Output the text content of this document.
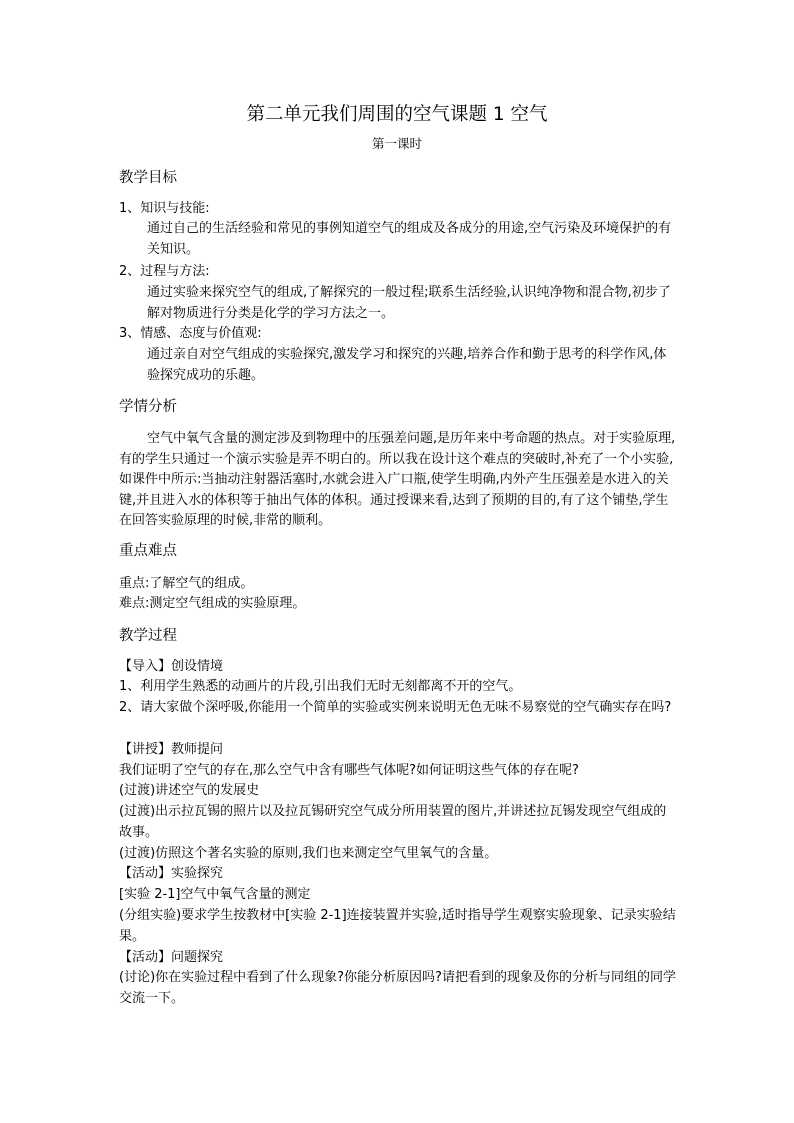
第二单元我们周围的空气课题 1 空气
第一课时
教学目标
1、知识与技能:
通过自己的生活经验和常见的事例知道空气的组成及各成分的用途,空气污染及环境保护的有关知识。
2、过程与方法:
通过实验来探究空气的组成,了解探究的一般过程;联系生活经验,认识纯净物和混合物,初步了解对物质进行分类是化学的学习方法之一。
3、情感、态度与价值观:
通过亲自对空气组成的实验探究,激发学习和探究的兴趣,培养合作和勤于思考的科学作风,体验探究成功的乐趣。
学情分析
空气中氧气含量的测定涉及到物理中的压强差问题,是历年来中考命题的热点。对于实验原理,有的学生只通过一个演示实验是弄不明白的。所以我在设计这个难点的突破时,补充了一个小实验,如课件中所示:当抽动注射器活塞时,水就会进入广口瓶,使学生明确,内外产生压强差是水进入的关键,并且进入水的体积等于抽出气体的体积。通过授课来看,达到了预期的目的,有了这个铺垫,学生在回答实验原理的时候,非常的顺利。
重点难点
重点:了解空气的组成。
难点:测定空气组成的实验原理。
教学过程
【导入】创设情境
1、利用学生熟悉的动画片的片段,引出我们无时无刻都离不开的空气。
2、请大家做个深呼吸,你能用一个简单的实验或实例来说明无色无味不易察觉的空气确实存在吗?
【讲授】教师提问
我们证明了空气的存在,那么空气中含有哪些气体呢?如何证明这些气体的存在呢?
(过渡)讲述空气的发展史
(过渡)出示拉瓦锡的照片以及拉瓦锡研究空气成分所用装置的图片,并讲述拉瓦锡发现空气组成的故事。
(过渡)仿照这个著名实验的原则,我们也来测定空气里氧气的含量。
【活动】实验探究
[实验 2-1]空气中氧气含量的测定
(分组实验)要求学生按教材中[实验 2-1]连接装置并实验,适时指导学生观察实验现象、记录实验结果。
【活动】问题探究
(讨论)你在实验过程中看到了什么现象?你能分析原因吗?请把看到的现象及你的分析与同组的同学交流一下。
